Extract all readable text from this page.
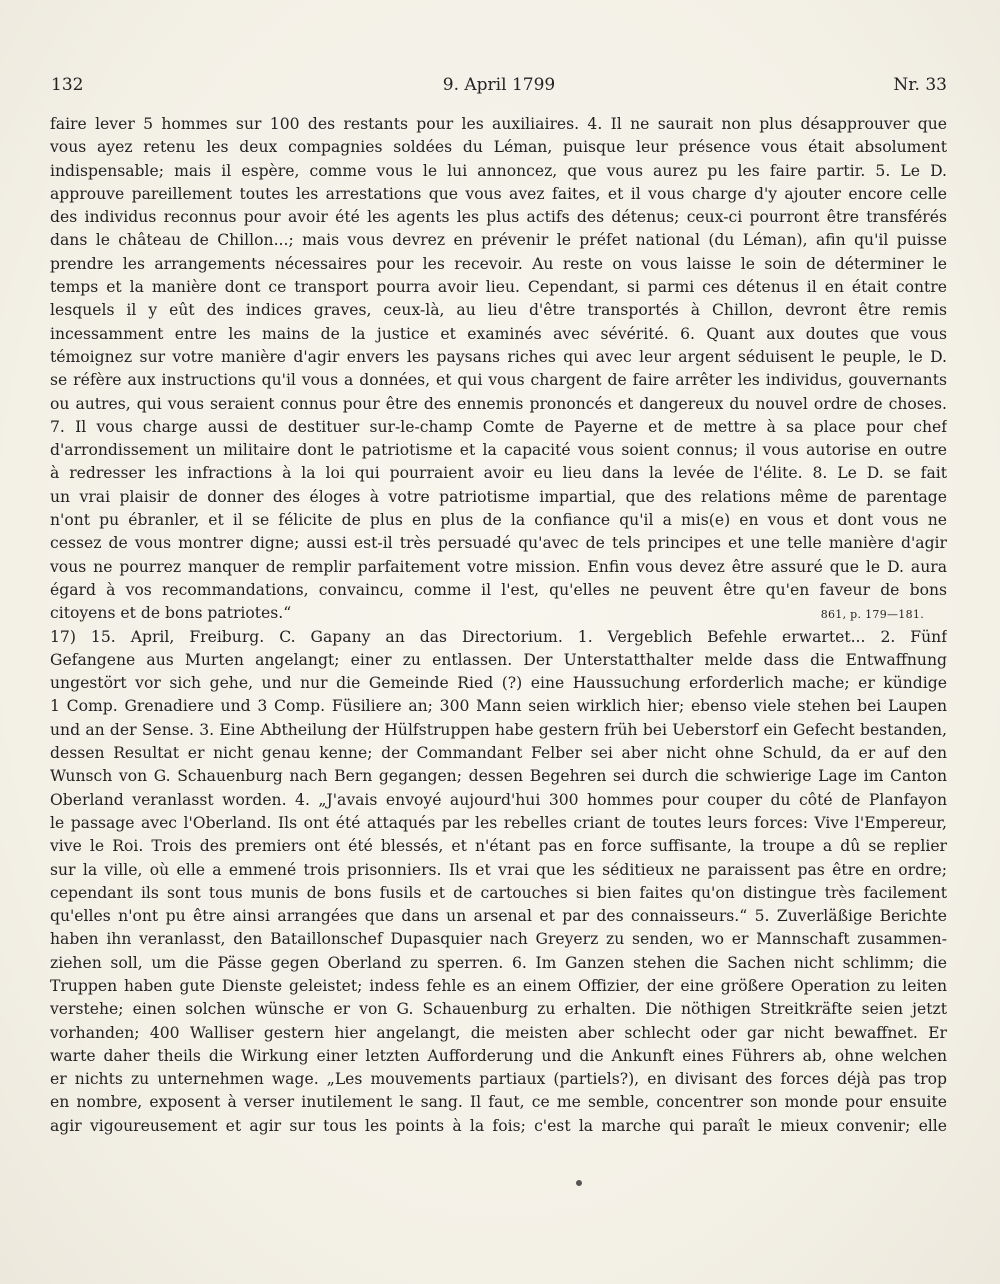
132	9. April 1799	Nr. 33
faire lever 5 hommes sur 100 des restants pour les auxiliaires. 4. Il ne saurait non plus désapprouver que
vous ayez retenu les deux compagnies soldées du Léman, puisque leur présence vous était absolument
indispensable; mais il espère, comme vous le lui annoncez, que vous aurez pu les faire partir. 5. Le D.
approuve pareillement toutes les arrestations que vous avez faites, et il vous charge d'y ajouter encore celle
des individus reconnus pour avoir été les agents les plus actifs des détenus; ceux-ci pourront être transférés
dans le château de Chillon...; mais vous devrez en prévenir le préfet national (du Léman), afin qu'il puisse
prendre les arrangements nécessaires pour les recevoir. Au reste on vous laisse le soin de déterminer le
temps et la manière dont ce transport pourra avoir lieu. Cependant, si parmi ces détenus il en était contre
lesquels il y eût des indices graves, ceux-là, au lieu d'être transportés à Chillon, devront être remis
incessamment entre les mains de la justice et examinés avec sévérité. 6. Quant aux doutes que vous
témoignez sur votre manière d'agir envers les paysans riches qui avec leur argent séduisent le peuple, le D.
se réfère aux instructions qu'il vous a données, et qui vous chargent de faire arrêter les individus, gouvernants
ou autres, qui vous seraient connus pour être des ennemis prononcés et dangereux du nouvel ordre de choses.
7. Il vous charge aussi de destituer sur-le-champ Comte de Payerne et de mettre à sa place pour chef
d'arrondissement un militaire dont le patriotisme et la capacité vous soient connus; il vous autorise en outre
à redresser les infractions à la loi qui pourraient avoir eu lieu dans la levée de l'élite. 8. Le D. se fait
un vrai plaisir de donner des éloges à votre patriotisme impartial, que des relations même de parentage
n'ont pu ébranler, et il se félicite de plus en plus de la confiance qu'il a mis(e) en vous et dont vous ne
cessez de vous montrer digne; aussi est-il très persuadé qu'avec de tels principes et une telle manière d'agir
vous ne pourrez manquer de remplir parfaitement votre mission. Enfin vous devez être assuré que le D. aura
égard à vos recommandations, convaincu, comme il l'est, qu'elles ne peuvent être qu'en faveur de bons
citoyens et de bons patriotes.“	861, p. 179—181.
17) 15. April, Freiburg. C. Gapany an das Directorium. 1. Vergeblich Befehle erwartet... 2. Fünf
Gefangene aus Murten angelangt; einer zu entlassen. Der Unterstatthalter melde dass die Entwaffnung
ungestört vor sich gehe, und nur die Gemeinde Ried (?) eine Haussuchung erforderlich mache; er kündige
1 Comp. Grenadiere und 3 Comp. Füsiliere an; 300 Mann seien wirklich hier; ebenso viele stehen bei Laupen
und an der Sense. 3. Eine Abtheilung der Hülfstruppen habe gestern früh bei Ueberstorf ein Gefecht bestanden,
dessen Resultat er nicht genau kenne; der Commandant Felber sei aber nicht ohne Schuld, da er auf den
Wunsch von G. Schauenburg nach Bern gegangen; dessen Begehren sei durch die schwierige Lage im Canton
Oberland veranlasst worden. 4. „J'avais envoyé aujourd'hui 300 hommes pour couper du côté de Planfayon
le passage avec l'Oberland. Ils ont été attaqués par les rebelles criant de toutes leurs forces: Vive l'Empereur,
vive le Roi. Trois des premiers ont été blessés, et n'étant pas en force suffisante, la troupe a dû se replier
sur la ville, où elle a emmené trois prisonniers. Ils et vrai que les séditieux ne paraissent pas être en ordre;
cependant ils sont tous munis de bons fusils et de cartouches si bien faites qu'on distingue très facilement
qu'elles n'ont pu être ainsi arrangées que dans un arsenal et par des connaisseurs.“ 5. Zuverläßige Berichte
haben ihn veranlasst, den Bataillonschef Dupasquier nach Greyerz zu senden, wo er Mannschaft zusammen-
ziehen soll, um die Pässe gegen Oberland zu sperren. 6. Im Ganzen stehen die Sachen nicht schlimm; die
Truppen haben gute Dienste geleistet; indess fehle es an einem Offizier, der eine größere Operation zu leiten
verstehe; einen solchen wünsche er von G. Schauenburg zu erhalten. Die nöthigen Streitkräfte seien jetzt
vorhanden; 400 Walliser gestern hier angelangt, die meisten aber schlecht oder gar nicht bewaffnet. Er
warte daher theils die Wirkung einer letzten Aufforderung und die Ankunft eines Führers ab, ohne welchen
er nichts zu unternehmen wage. „Les mouvements partiaux (partiels?), en divisant des forces déjà pas trop
en nombre, exposent à verser inutilement le sang. Il faut, ce me semble, concentrer son monde pour ensuite
agir vigoureusement et agir sur tous les points à la fois; c'est la marche qui paraît le mieux convenir; elle
